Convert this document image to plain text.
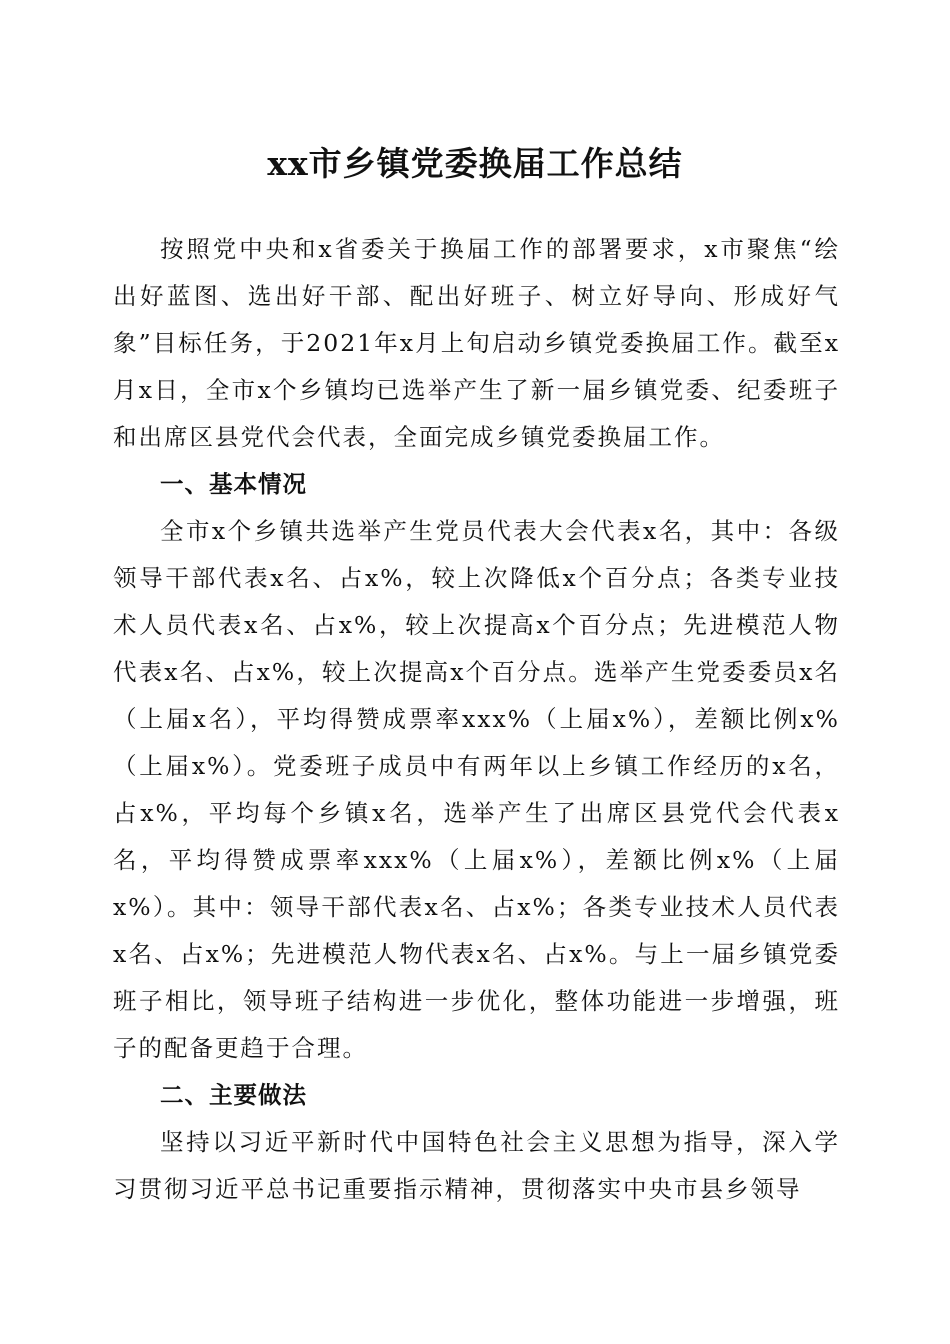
xx市乡镇党委换届工作总结

按照党中央和x省委关于换届工作的部署要求，x市聚焦“绘出好蓝图、选出好干部、配出好班子、树立好导向、形成好气象”目标任务，于2021年x月上旬启动乡镇党委换届工作。截至x月x日，全市x个乡镇均已选举产生了新一届乡镇党委、纪委班子和出席区县党代会代表，全面完成乡镇党委换届工作。

一、基本情况

全市x个乡镇共选举产生党员代表大会代表x名，其中：各级领导干部代表x名、占x%，较上次降低x个百分点；各类专业技术人员代表x名、占x%，较上次提高x个百分点；先进模范人物代表x名、占x%，较上次提高x个百分点。选举产生党委委员x名（上届x名），平均得赞成票率xxx%（上届x%），差额比例x%（上届x%）。党委班子成员中有两年以上乡镇工作经历的x名，占x%，平均每个乡镇x名，选举产生了出席区县党代会代表x名，平均得赞成票率xxx%（上届x%），差额比例x%（上届x%）。其中：领导干部代表x名、占x%；各类专业技术人员代表x名、占x%；先进模范人物代表x名、占x%。与上一届乡镇党委班子相比，领导班子结构进一步优化，整体功能进一步增强，班子的配备更趋于合理。

二、主要做法

坚持以习近平新时代中国特色社会主义思想为指导，深入学习贯彻习近平总书记重要指示精神，贯彻落实中央市县乡领导
